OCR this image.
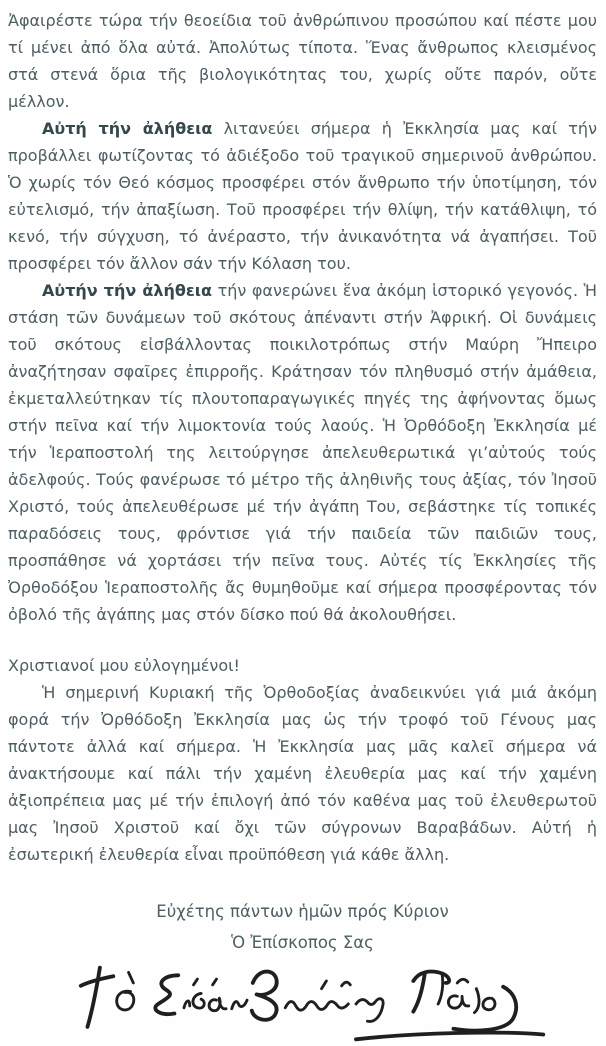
Ἀφαιρέστε τώρα τήν θεοείδια τοῦ ἀνθρώπινου προσώπου καί πέστε μου τί μένει ἀπό ὅλα αὐτά. Ἀπολύτως τίποτα. Ἕνας ἄνθρωπος κλεισμένος στά στενά ὅρια τῆς βιολογικότητας του, χωρίς οὔτε παρόν, οὔτε μέλλον.

Αὐτή τήν ἀλήθεια λιτανεύει σήμερα ἡ Ἐκκλησία μας καί τήν προβάλλει φωτίζοντας τό ἀδιέξοδο τοῦ τραγικοῦ σημερινοῦ ἀνθρώπου. Ὁ χωρίς τόν Θεό κόσμος προσφέρει στόν ἄνθρωπο τήν ὑποτίμηση, τόν εὐτελισμό, τήν ἀπαξίωση. Τοῦ προσφέρει τήν θλίψη, τήν κατάθλιψη, τό κενό, τήν σύγχυση, τό ἀνέραστο, τήν ἀνικανότητα νά ἀγαπήσει. Τοῦ προσφέρει τόν ἄλλον σάν τήν Κόλαση του.

Αὐτήν τήν ἀλήθεια τήν φανερώνει ἕνα ἀκόμη ἱστορικό γεγονός. Ἡ στάση τῶν δυνάμεων τοῦ σκότους ἀπέναντι στήν Ἀφρική. Οἱ δυνάμεις τοῦ σκότους εἰσβάλλοντας ποικιλοτρόπως στήν Μαύρη Ἤπειρο ἀναζήτησαν σφαῖρες ἐπιρροῆς. Κράτησαν τόν πληθυσμό στήν ἀμάθεια, ἐκμεταλλεύτηκαν τίς πλουτοπαραγωγικές πηγές της ἀφήνοντας ὅμως στήν πεῖνα καί τήν λιμοκτονία τούς λαούς. Ἡ Ὀρθόδοξη Ἐκκλησία μέ τήν Ἱεραποστολή της λειτούργησε ἀπελευθερωτικά γι’αὐτούς τούς ἀδελφούς. Τούς φανέρωσε τό μέτρο τῆς ἀληθινῆς τους ἀξίας, τόν Ἰησοῦ Χριστό, τούς ἀπελευθέρωσε μέ τήν ἀγάπη Του, σεβάστηκε τίς τοπικές παραδόσεις τους, φρόντισε γιά τήν παιδεία τῶν παιδιῶν τους, προσπάθησε νά χορτάσει τήν πεῖνα τους. Αὐτές τίς Ἐκκλησίες τῆς Ὀρθοδόξου Ἱεραποστολῆς ἄς θυμηθοῦμε καί σήμερα προσφέροντας τόν ὀβολό τῆς ἀγάπης μας στόν δίσκο πού θά ἀκολουθήσει.

Χριστιανοί μου εὐλογημένοι!

Ἡ σημερινή Κυριακή τῆς Ὀρθοδοξίας ἀναδεικνύει γιά μιά ἀκόμη φορά τήν Ὀρθόδοξη Ἐκκλησία μας ὡς τήν τροφό τοῦ Γένους μας πάντοτε ἀλλά καί σήμερα. Ἡ Ἐκκλησία μας μᾶς καλεῖ σήμερα νά ἀνακτήσουμε καί πάλι τήν χαμένη ἐλευθερία μας καί τήν χαμένη ἀξιοπρέπεια μας μέ τήν ἐπιλογή ἀπό τόν καθένα μας τοῦ ἐλευθερωτοῦ μας Ἰησοῦ Χριστοῦ καί ὄχι τῶν σύγρονων Βαραβάδων. Αὐτή ἡ ἐσωτερική ἐλευθερία εἶναι προϋπόθεση γιά κάθε ἄλλη.

Εὐχέτης πάντων ἡμῶν πρός Κύριον

Ὁ Ἐπίσκοπος Σας
